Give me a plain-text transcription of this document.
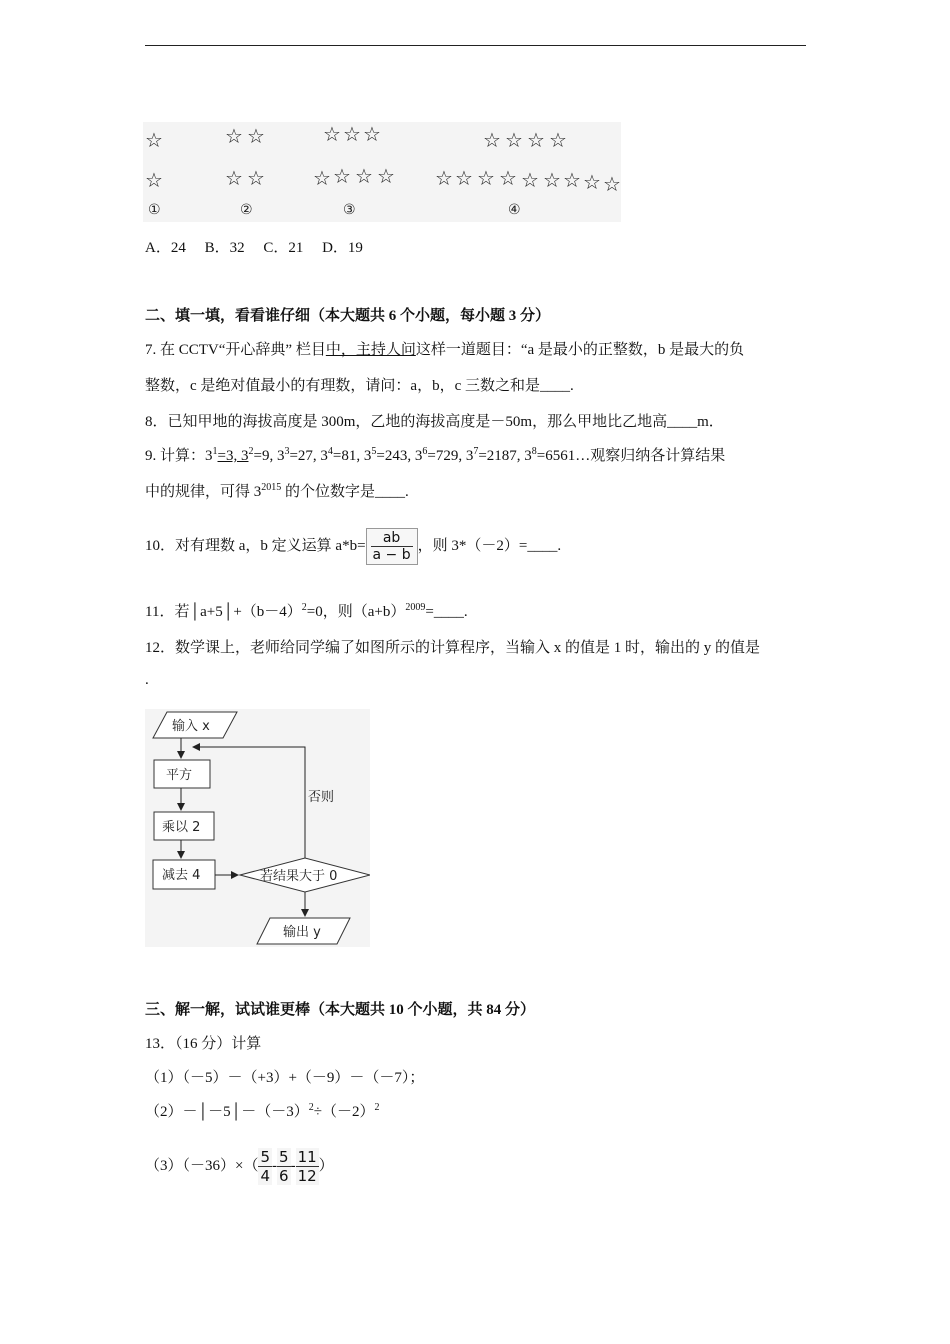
☆	☆ ☆	☆ ☆ ☆	☆ ☆ ☆ ☆
☆	☆ ☆ ☆ ☆ ☆ ☆ ☆ ☆ ☆ ☆ ☆ ☆ ☆ ☆ ☆
①	②	③	④
A．24　 B．32　 C．21　 D．19
二、填一填，看看谁仔细（本大题共 6 个小题，每小题 3 分）
7. 在 CCTV“开心辞典” 栏目中，主持人问这样一道题目：“a 是最小的正整数，b 是最大的负
整数，c 是绝对值最小的有理数，请问：a，b，c 三数之和是____.
8．已知甲地的海拔高度是 300m，乙地的海拔高度是－50m，那么甲地比乙地高____m．
9. 计算：$3^1=3$, $3^2=9$, $3^3=27$, $3^4=81$, $3^5=243$, $3^6=729$, $3^7=2187$, $3^8=6561\dots$观察归纳各计算结果
中的规律，可得 $3^{2015}$ 的个位数字是____.
10．对有理数 a，b 定义运算 $a*b= \frac{ab}{a - b}$ ，则 3*（－2）=____.
11．若$│a+5│+(b-4)^2=0$，则$(a+b)^{2009}=\_\_\_\_$.
12．数学课上，老师给同学编了如图所示的计算程序，当输入 x 的值是 1 时，输出的 y 的值是
.
输入 x
平方
乘以 2
减去 4	若结果大于 0
否则
输出 y
三、解一解，试试谁更棒（本大题共 10 个小题，共 84 分）
13．（16 分）计算
（1）（－5）－（+3）+（－9）－（－7）；
$(2)-│-5│-(-3)^2\div(-2)^2$
$(3)(-36)\times( \frac{5}{4} - \frac{5}{6} - \frac{11}{12}$ ）
